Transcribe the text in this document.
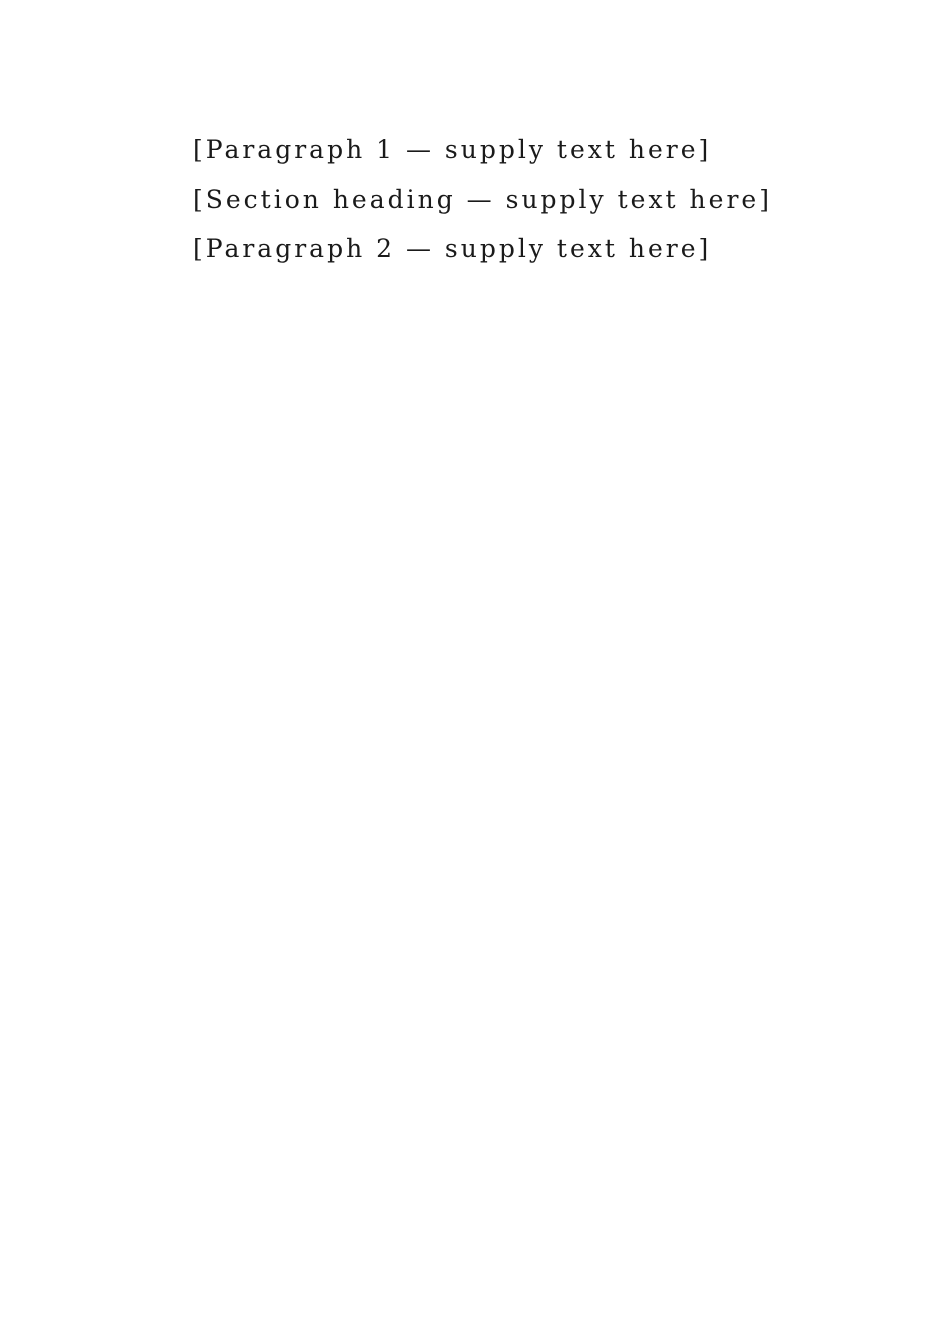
[Paragraph 1 — supply text here]

[Section heading — supply text here]

[Paragraph 2 — supply text here]
